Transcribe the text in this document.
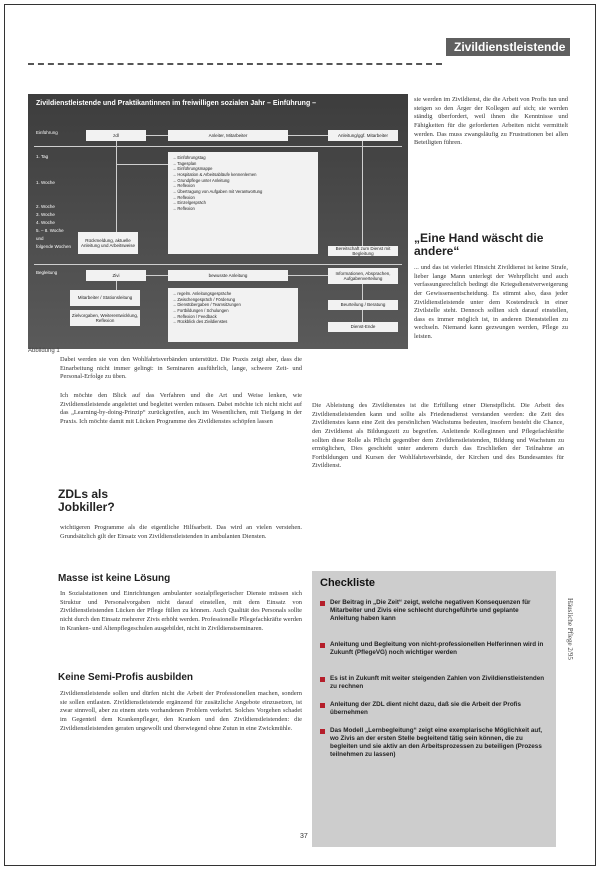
Zivildienstleistende
Zivildienstleistende und Praktikantinnen im freiwilligen sozialen Jahr – Einführung –
Einführung
1. Tag
1. Woche
2. Woche
3. Woche
4. Woche
5. – 8. Woche
und
folgende Wochen
Begleitung
zdl	Anleiter, Mitarbeiter	Anleitung/ggf. Mitarbeiter
→ Einführungstag
→ Tagesplan
→ Einführungsmappe
→ Hospitation & Arbeitsabläufe kennenlernen
→ Grundpflege unter Anleitung
→ Reflexion
→ Übertragung von Aufgaben mit Verantwortung
→ Reflexion
→ Einzelgespräch
→ Reflexion
Rückmeldung, aktuelle Anleitung und Arbeitsweise
Bereitschaft zum Dienst mit Begleitung
Zivi	bewusste Anleitung	Informationen, Absprachen, Aufgabenverteilung
Mitarbeiter / Stationsleitung
Zielvorgaben, Weiterentwicklung, Reflexion
→ regelm. Anleitungsgespräche
→ Zwischengespräch / Förderung
→ Dienstübergaben / Teamsitzungen
→ Fortbildungen / Schulungen
→ Reflexion / Feedback
→ Rückblick des Zivildienstes
Beurteilung / Beratung
Dienst-Ende
Abbildung 1
sie werden im Zivildienst, die die Arbeit von Profis tun und steigen so den Ärger der Kollegen auf sich; sie werden ständig überfordert, weil ihnen die Kenntnisse und Fähigkeiten für die geforderten Arbeiten nicht vermittelt werden. Das muss zwangsläufig zu Frustrationen bei allen Beteiligten führen.
„Eine Hand wäscht die andere“
... und das ist vielerlei Hinsicht Zivildienst ist keine Strafe, lieber lange Mann unterlegt der Wehrpflicht und auch verfassungsrechtlich bedingt die Kriegsdienstverweigerung der Gewissensentscheidung. Es stimmt also, dass jeder Zivildienstleistende unter dem Kostendruck in einer Zivilstelle steht. Dennoch sollten sich darauf einstellen, dass es immer möglich ist, in anderen Dienststellen zu wechseln. Niemand kann gezwungen werden, Pflege zu leisten.
Dabei werden sie von den Wohlfahrtsverbänden unterstützt. Die Praxis zeigt aber, dass die Einarbeitung nicht immer gelingt: in Seminaren ausführlich, lange, schwere Zeit- und Personal-Erfolge zu üben.
Ich möchte den Blick auf das Verfahren und die Art und Weise lenken, wie Zivildienstleistende angeleitet und begleitet werden müssen. Dabei möchte ich nicht nicht auf das „Learning-by-doing-Prinzip“ zurückgreifen, auch im Wesentlichen, mit Tiefgang in der Praxis. Ich möchte damit mit Lücken Programme des Zivildienstes schöpfen lassen
ZDLs als Jobkiller?
wichtigeren Programme als die eigentliche Hilfsarbeit. Das wird an vielen verstehen. Grundsätzlich gilt der Einsatz von Zivildienstleistenden in ambulanten Diensten.
Masse ist keine Lösung
In Sozialstationen und Einrichtungen ambulanter sozialpflegerischer Dienste müssen sich Struktur und Personalvorgaben nicht darauf einstellen, mit dem Einsatz von Zivildienstleistenden Lücken der Pflege füllen zu können. Auch Qualität des Personals sollte nicht durch den Einsatz mehrerer Zivis erhöht werden. Professionelle Pflegefachkräfte werden in Kranken- und Altenpflegeschulen ausgebildet, nicht in Zivildienstseminaren.
Keine Semi-Profis ausbilden
Zivildienstleistende sollen und dürfen nicht die Arbeit der Professionellen machen, sondern sie sollen entlasten. Zivildienstleistende ergänzend für zusätzliche Angebote einzusetzen, ist zwar sinnvoll, aber zu einem stets vorhandenen Problem verkehrt. Solches Vorgehen schadet im Gegenteil dem Krankenpfleger, den Kranken und den Zivildienstleistenden: die Zivildienstleistenden geraten ungewollt und überwiegend ohne Zutun in eine Zwickmühle.
Die Ableistung des Zivildienstes ist die Erfüllung einer Dienstpflicht. Die Arbeit des Zivildienstleistenden kann und sollte als Friedensdienst verstanden werden: die Zeit des Zivildienstes kann eine Zeit des persönlichen Wachstums bedeuten, insofern besteht die Chance, den Zivildienst als Bildungszeit zu begreifen. Anleitende Kolleginnen und Pflegefachkräfte sollten diese Rolle als Pflicht gegenüber dem Zivildienstleistenden, Bildung und Wachstum zu ermöglichen, Dies geschieht unter anderem durch das Erschließen der Teilnahme an Fortbildungen und Kursen der Wohlfahrtsverbände, der Kirchen und des Bundesamtes für Zivildienst.
Checkliste
Der Beitrag in „Die Zeit“ zeigt, welche negativen Konsequenzen für Mitarbeiter und Zivis eine schlecht durchgeführte und geplante Anleitung haben kann
Anleitung und Begleitung von nicht-professionellen Helferinnen wird in Zukunft (PflegeVG) noch wichtiger werden
Es ist in Zukunft mit weiter steigenden Zahlen von Zivildienstleistenden zu rechnen
Anleitung der ZDL dient nicht dazu, daß sie die Arbeit der Profis übernehmen
Das Modell „Lernbegleitung“ zeigt eine exemplarische Möglichkeit auf, wo Zivis an der ersten Stelle begleitend tätig sein können, die zu begleiten und sie aktiv an den Arbeitsprozessen zu beteiligen (Prozess teilnehmen zu lassen)
Häusliche Pflege 2/95
37
